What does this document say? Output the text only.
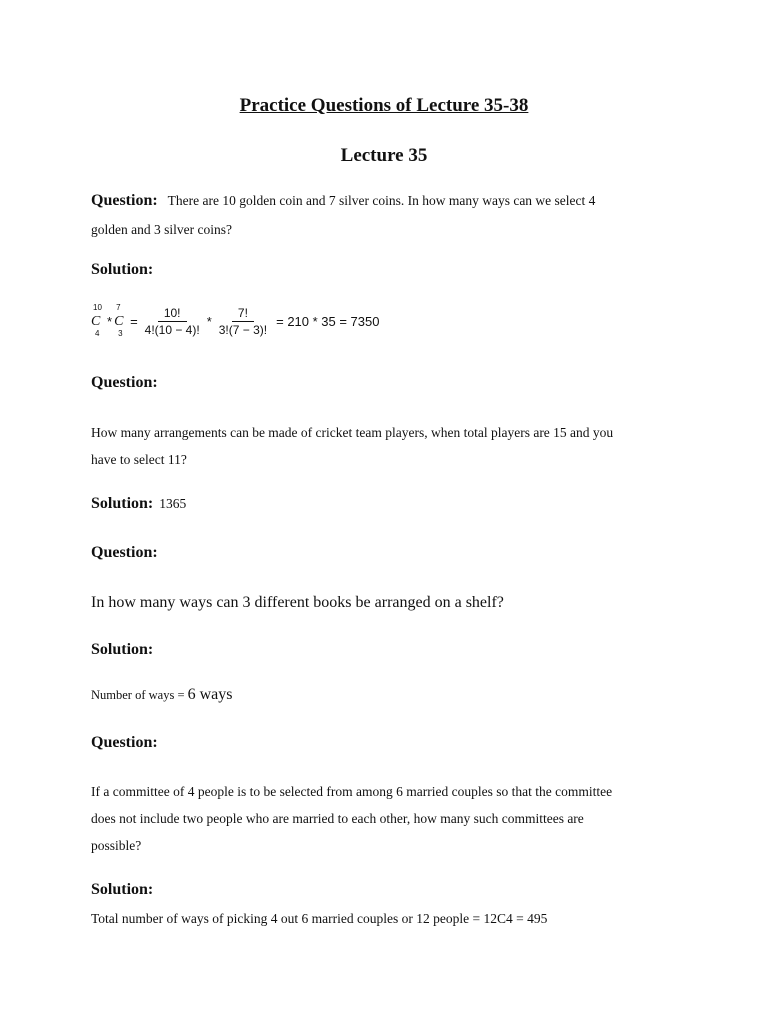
Practice Questions of Lecture 35-38
Lecture 35
Question: There are 10 golden coin and 7 silver coins. In how many ways can we select 4
golden and 3 silver coins?
Solution:
10
C
4
*
7
C
3
= $\frac{10!}{4!(10 - 4)!} * \frac{7!}{3!(7 - 3)!} = 210 * 35 = 7350$
Question:
How many arrangements can be made of cricket team players, when total players are 15 and you
have to select 11?
Solution: 1365
Question:
In how many ways can 3 different books be arranged on a shelf?
Solution:
Number of ways = 6 ways
Question:
If a committee of 4 people is to be selected from among 6 married couples so that the committee
does not include two people who are married to each other, how many such committees are
possible?
Solution:
Total number of ways of picking 4 out 6 married couples or 12 people = 12C4 = 495
